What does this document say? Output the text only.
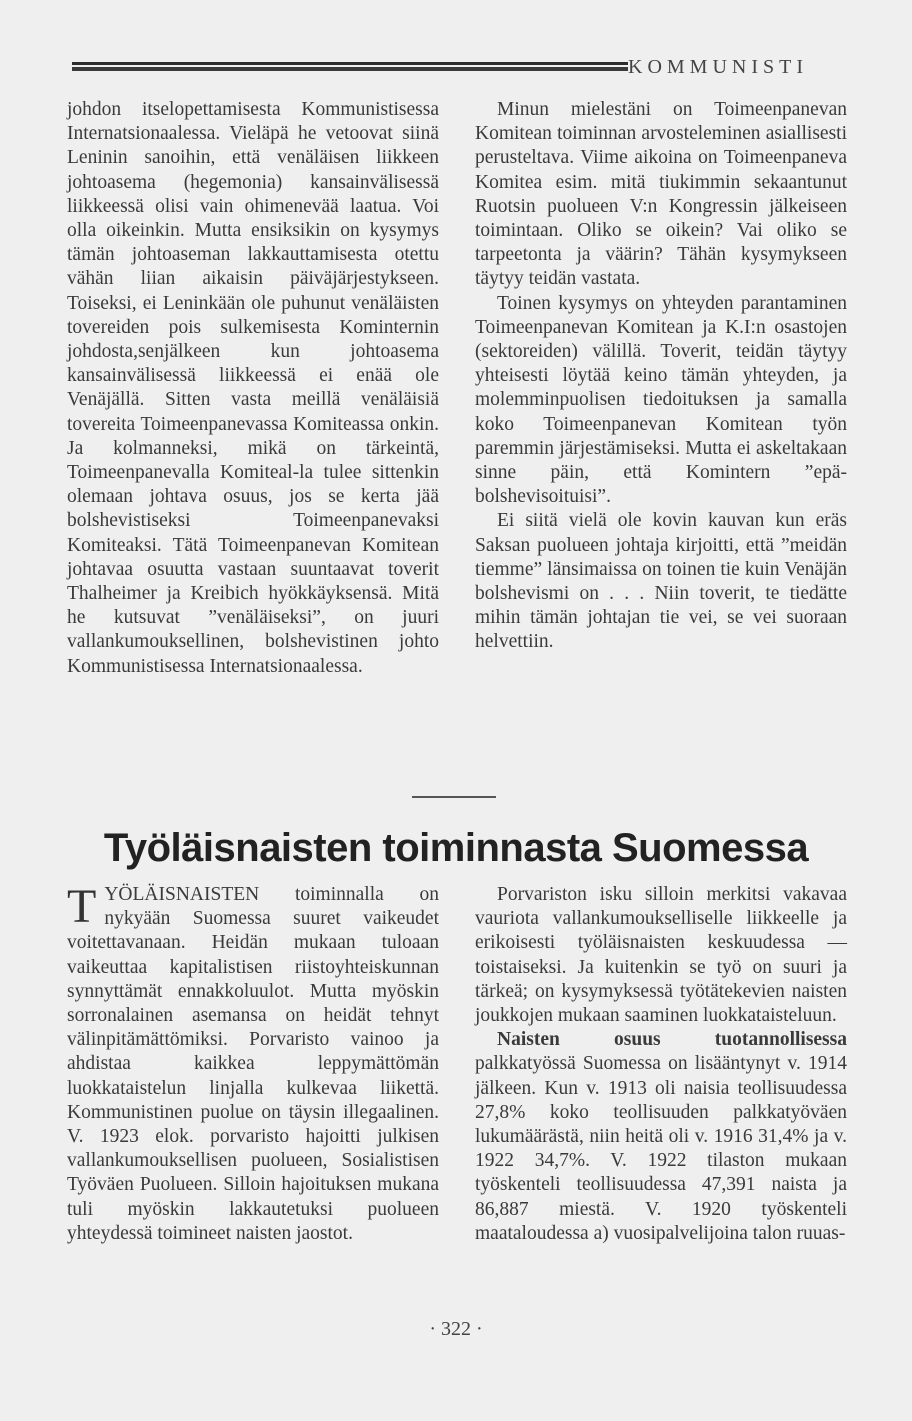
KOMMUNISTI

johdon itselopettamisesta Kommunistisessa Internatsionaalessa. Vieläpä he vetoovat siinä Leninin sanoihin, että venäläisen liikkeen johtoasema (hegemonia) kansainvälisessä liikkeessä olisi vain ohimenevää laatua. Voi olla oikeinkin. Mutta ensiksikin on kysymys tämän johtoaseman lakkauttamisesta otettu vähän liian aikaisin päiväjärjestykseen. Toiseksi, ei Leninkään ole puhunut venäläisten tovereiden pois sulkemisesta Kominternin johdosta,senjälkeen kun johtoasema kansainvälisessä liikkeessä ei enää ole Venäjällä. Sitten vasta meillä venäläisiä tovereita Toimeenpanevassa Komiteassa onkin. Ja kolmanneksi, mikä on tärkeintä, Toimeenpanevalla Komiteal-la tulee sittenkin olemaan johtava osuus, jos se kerta jää bolshevistiseksi Toimeenpanevaksi Komiteaksi. Tätä Toimeenpanevan Komitean johtavaa osuutta vastaan suuntaavat toverit Thalheimer ja Kreibich hyökkäyksensä. Mitä he kutsuvat ”venäläiseksi”, on juuri vallankumouksellinen, bolshevistinen johto Kommunistisessa Internatsionaalessa.

Minun mielestäni on Toimeenpanevan Komitean toiminnan arvosteleminen asiallisesti perusteltava. Viime aikoina on Toimeenpaneva Komitea esim. mitä tiukimmin sekaantunut Ruotsin puolueen V:n Kongressin jälkeiseen toimintaan. Oliko se oikein? Vai oliko se tarpeetonta ja väärin? Tähän kysymykseen täytyy teidän vastata.

Toinen kysymys on yhteyden parantaminen Toimeenpanevan Komitean ja K.I:n osastojen (sektoreiden) välillä. Toverit, teidän täytyy yhteisesti löytää keino tämän yhteyden, ja molemminpuolisen tiedoituksen ja samalla koko Toimeenpanevan Komitean työn paremmin järjestämiseksi. Mutta ei askeltakaan sinne päin, että Komintern ”epä-bolshevisoituisi”.

Ei siitä vielä ole kovin kauvan kun eräs Saksan puolueen johtaja kirjoitti, että ”meidän tiemme” länsimaissa on toinen tie kuin Venäjän bolshevismi on . . . Niin toverit, te tiedätte mihin tämän johtajan tie vei, se vei suoraan helvettiin.

Työläisnaisten toiminnasta Suomessa

TYÖLÄISNAISTEN toiminnalla on nykyään Suomessa suuret vaikeudet voitettavanaan. Heidän mukaan tuloaan vaikeuttaa kapitalistisen riistoyhteiskunnan synnyttämät ennakkoluulot. Mutta myöskin sorronalainen asemansa on heidät tehnyt välinpitämättömiksi. Porvaristo vainoo ja ahdistaa kaikkea leppymättömän luokkataistelun linjalla kulkevaa liikettä. Kommunistinen puolue on täysin illegaalinen. V. 1923 elok. porvaristo hajoitti julkisen vallankumouksellisen puolueen, Sosialistisen Työväen Puolueen. Silloin hajoituksen mukana tuli myöskin lakkautetuksi puolueen yhteydessä toimineet naisten jaostot.

Porvariston isku silloin merkitsi vakavaa vauriota vallankumoukselliselle liikkeelle ja erikoisesti työläisnaisten keskuudessa — toistaiseksi. Ja kuitenkin se työ on suuri ja tärkeä; on kysymyksessä työtätekevien naisten joukkojen mukaan saaminen luokkataisteluun.

Naisten osuus tuotannollisessa palkkatyössä Suomessa on lisääntynyt v. 1914 jälkeen. Kun v. 1913 oli naisia teollisuudessa 27,8% koko teollisuuden palkkatyöväen lukumäärästä, niin heitä oli v. 1916 31,4% ja v. 1922 34,7%. V. 1922 tilaston mukaan työskenteli teollisuudessa 47,391 naista ja 86,887 miestä. V. 1920 työskenteli maataloudessa a) vuosipalvelijoina talon ruuas-

· 322 ·
